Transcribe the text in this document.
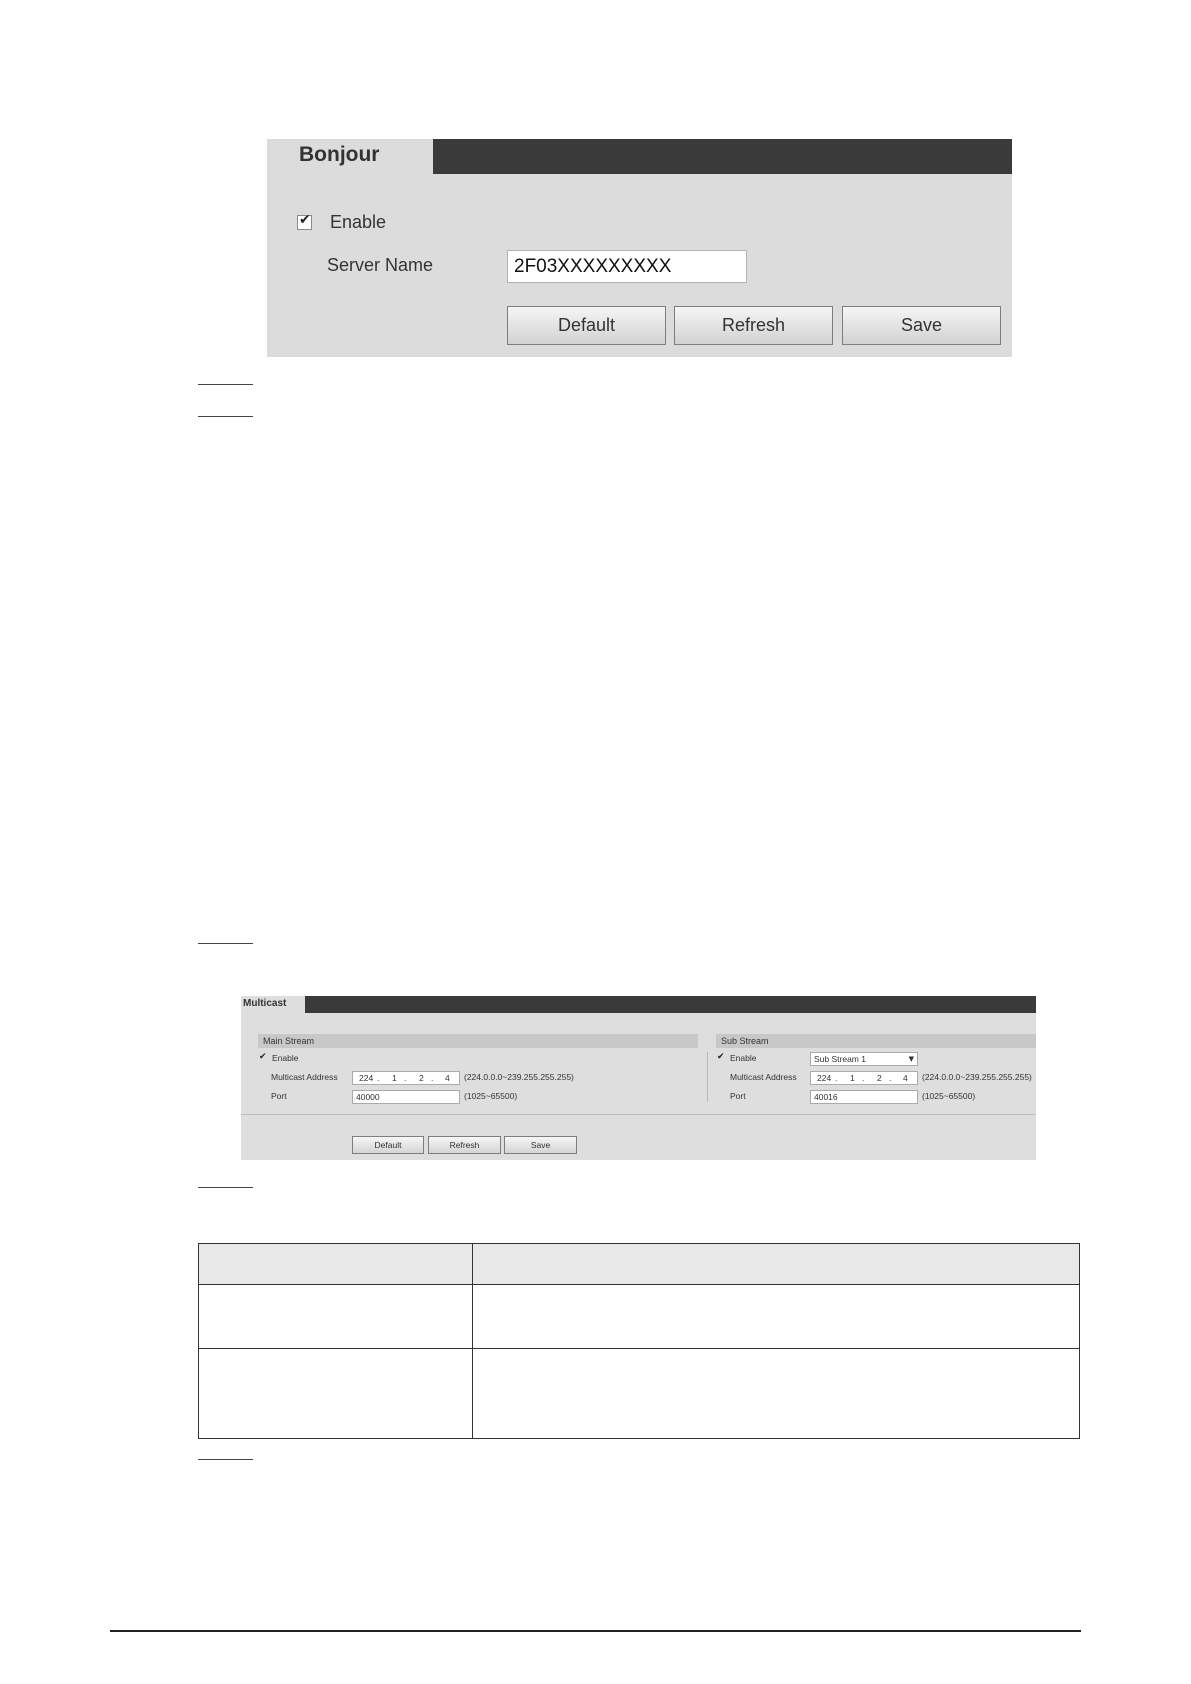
Bonjour
✔
Enable
Server Name
2F03XXXXXXXXX
Default	Refresh	Save
Multicast
Main Stream
✔
Enable
Multicast Address	224 . 1 . 2 . 4 (224.0.0.0~239.255.255.255)
Port	40000	(1025~65500)
Sub Stream
✔
Enable	Sub Stream 1	▼
Multicast Address 224 . 1 . 2 . 4 (224.0.0.0~239.255.255.255)
Port	40016	(1025~65500)
Default	Refresh	Save
